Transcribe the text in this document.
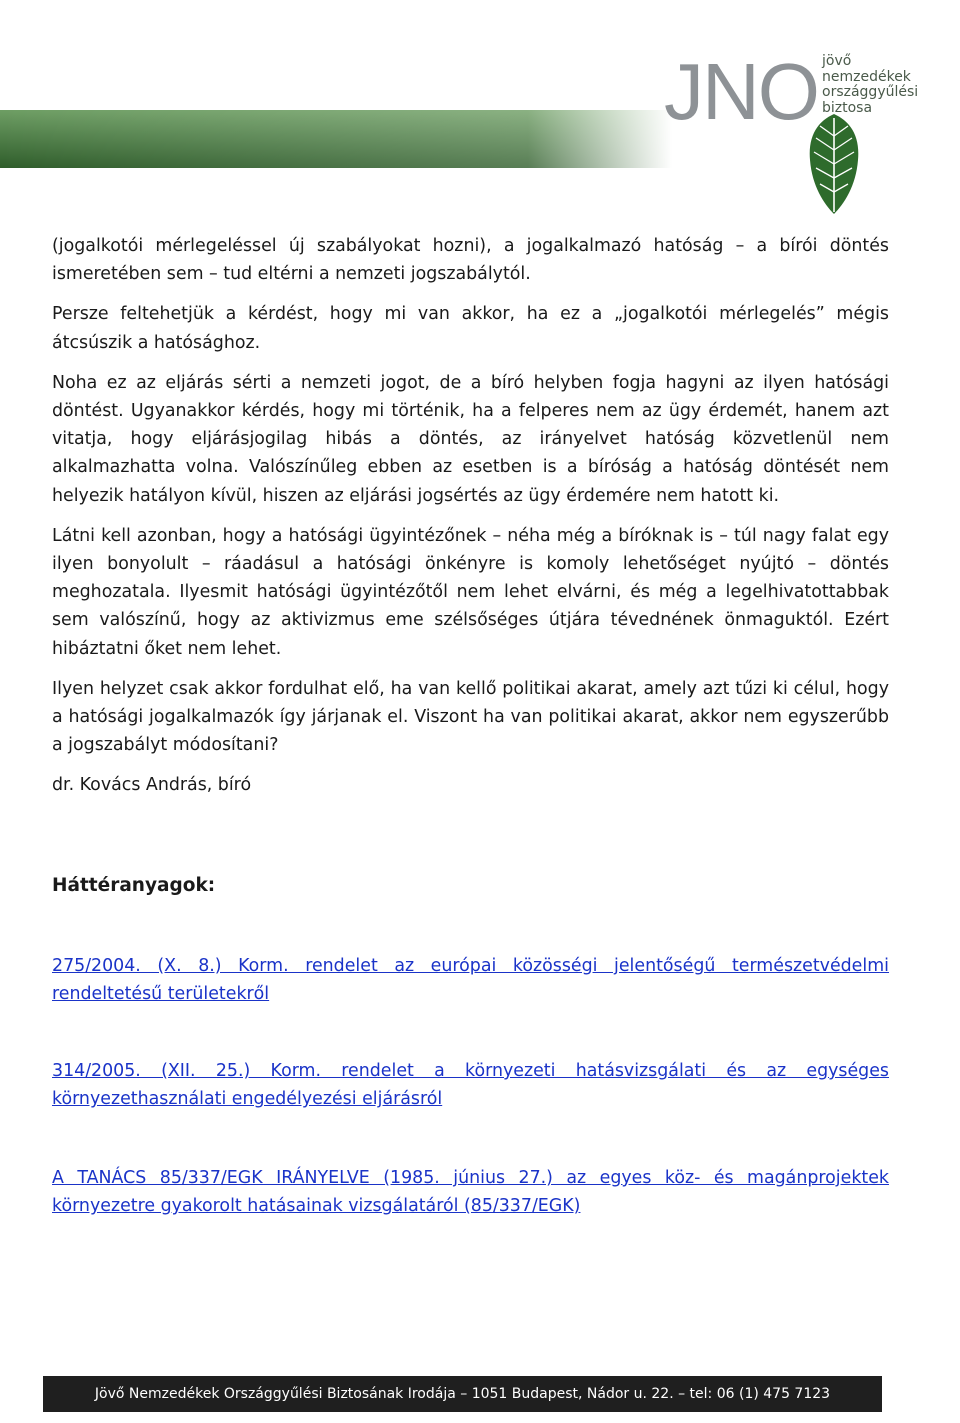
JNO jövő
nemzedékek
országgyűlési
biztosa

(jogalkotói mérlegeléssel új szabályokat hozni), a jogalkalmazó hatóság – a bírói döntés ismeretében sem – tud eltérni a nemzeti jogszabálytól.

Persze feltehetjük a kérdést, hogy mi van akkor, ha ez a „jogalkotói mérlegelés” mégis átcsúszik a hatósághoz.

Noha ez az eljárás sérti a nemzeti jogot, de a bíró helyben fogja hagyni az ilyen hatósági döntést. Ugyanakkor kérdés, hogy mi történik, ha a felperes nem az ügy érdemét, hanem azt vitatja, hogy eljárásjogilag hibás a döntés, az irányelvet hatóság közvetlenül nem alkalmazhatta volna. Valószínűleg ebben az esetben is a bíróság a hatóság döntését nem helyezik hatályon kívül, hiszen az eljárási jogsértés az ügy érdemére nem hatott ki.

Látni kell azonban, hogy a hatósági ügyintézőnek – néha még a bíróknak is – túl nagy falat egy ilyen bonyolult – ráadásul a hatósági önkényre is komoly lehetőséget nyújtó – döntés meghozatala. Ilyesmit hatósági ügyintézőtől nem lehet elvárni, és még a legelhivatottabbak sem valószínű, hogy az aktivizmus eme szélsőséges útjára tévednének önmaguktól. Ezért hibáztatni őket nem lehet.

Ilyen helyzet csak akkor fordulhat elő, ha van kellő politikai akarat, amely azt tűzi ki célul, hogy a hatósági jogalkalmazók így járjanak el. Viszont ha van politikai akarat, akkor nem egyszerűbb a jogszabályt módosítani?

dr. Kovács András, bíró

Háttéranyagok:
275/2004. (X. 8.) Korm. rendelet az európai közösségi jelentőségű természetvédelmi rendeltetésű területekről
314/2005. (XII. 25.) Korm. rendelet a környezeti hatásvizsgálati és az egységes környezethasználati engedélyezési eljárásról
A TANÁCS 85/337/EGK IRÁNYELVE (1985. június 27.) az egyes köz- és magánprojektek környezetre gyakorolt hatásainak vizsgálatáról (85/337/EGK)
Jövő Nemzedékek Országgyűlési Biztosának Irodája – 1051 Budapest, Nádor u. 22. – tel: 06 (1) 475 7123
